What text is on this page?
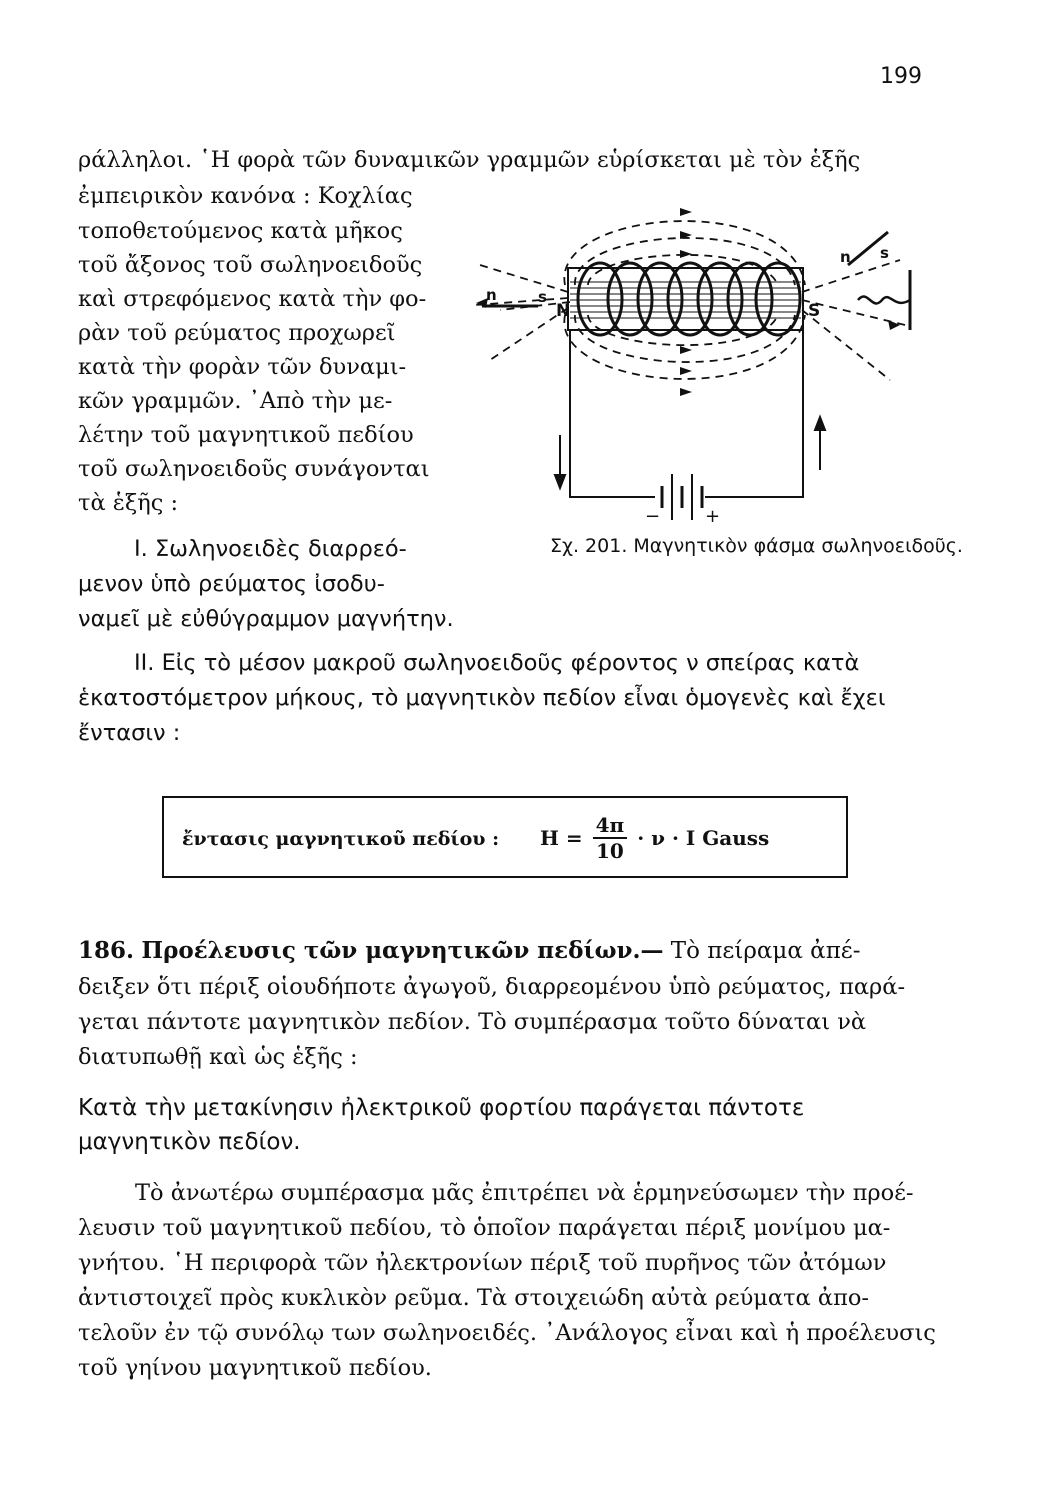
199

ράλληλοι. ῾Η φορὰ τῶν δυναμικῶν γραμμῶν εὑρίσκεται μὲ τὸν ἑξῆς

ἐμπειρικὸν κανόνα : Κοχλίας

τοποθετούμενος κατὰ μῆκος

τοῦ ἄξονος τοῦ σωληνοειδοῦς

καὶ στρεφόμενος κατὰ τὴν φο-

ρὰν τοῦ ρεύματος προχωρεῖ

κατὰ τὴν φορὰν τῶν δυναμι-

κῶν γραμμῶν. ᾿Απὸ τὴν με-

λέτην τοῦ μαγνητικοῦ πεδίου

τοῦ σωληνοειδοῦς συνάγονται

τὰ ἑξῆς :

N	S
n	s
n s
− +
Σχ. 201. Μαγνητικὸν φάσμα σωληνοειδοῦς.

Ι. Σωληνοειδὲς διαρρεό-

μενον ὑπὸ ρεύματος ἰσοδυ-

ναμεῖ μὲ εὐθύγραμμον μαγνήτην.

ΙΙ. Εἰς τὸ μέσον μακροῦ σωληνοειδοῦς φέροντος ν σπείρας κατὰ

ἑκατοστόμετρον μήκους, τὸ μαγνητικὸν πεδίον εἶναι ὁμογενὲς καὶ ἔχει

ἔντασιν :

ἔντασις μαγνητικοῦ πεδίου : $H = \frac{4\pi}{10} \cdot \nu \cdot I$ Gauss

186. Προέλευσις τῶν μαγνητικῶν πεδίων.— Τὸ πείραμα ἀπέ-

δειξεν ὅτι πέριξ οἱουδήποτε ἀγωγοῦ, διαρρεομένου ὑπὸ ρεύματος, παρά-

γεται πάντοτε μαγνητικὸν πεδίον. Τὸ συμπέρασμα τοῦτο δύναται νὰ

διατυπωθῇ καὶ ὡς ἑξῆς :

Κατὰ τὴν μετακίνησιν ἠλεκτρικοῦ φορτίου παράγεται πάντοτε

μαγνητικὸν πεδίον.

Τὸ ἀνωτέρω συμπέρασμα μᾶς ἐπιτρέπει νὰ ἑρμηνεύσωμεν τὴν προέ-

λευσιν τοῦ μαγνητικοῦ πεδίου, τὸ ὁποῖον παράγεται πέριξ μονίμου μα-

γνήτου. ῾Η περιφορὰ τῶν ἠλεκτρονίων πέριξ τοῦ πυρῆνος τῶν ἀτόμων

ἀντιστοιχεῖ πρὸς κυκλικὸν ρεῦμα. Τὰ στοιχειώδη αὐτὰ ρεύματα ἀπο-

τελοῦν ἐν τῷ συνόλῳ των σωληνοειδές. ᾿Ανάλογος εἶναι καὶ ἡ προέλευσις

τοῦ γηίνου μαγνητικοῦ πεδίου.
